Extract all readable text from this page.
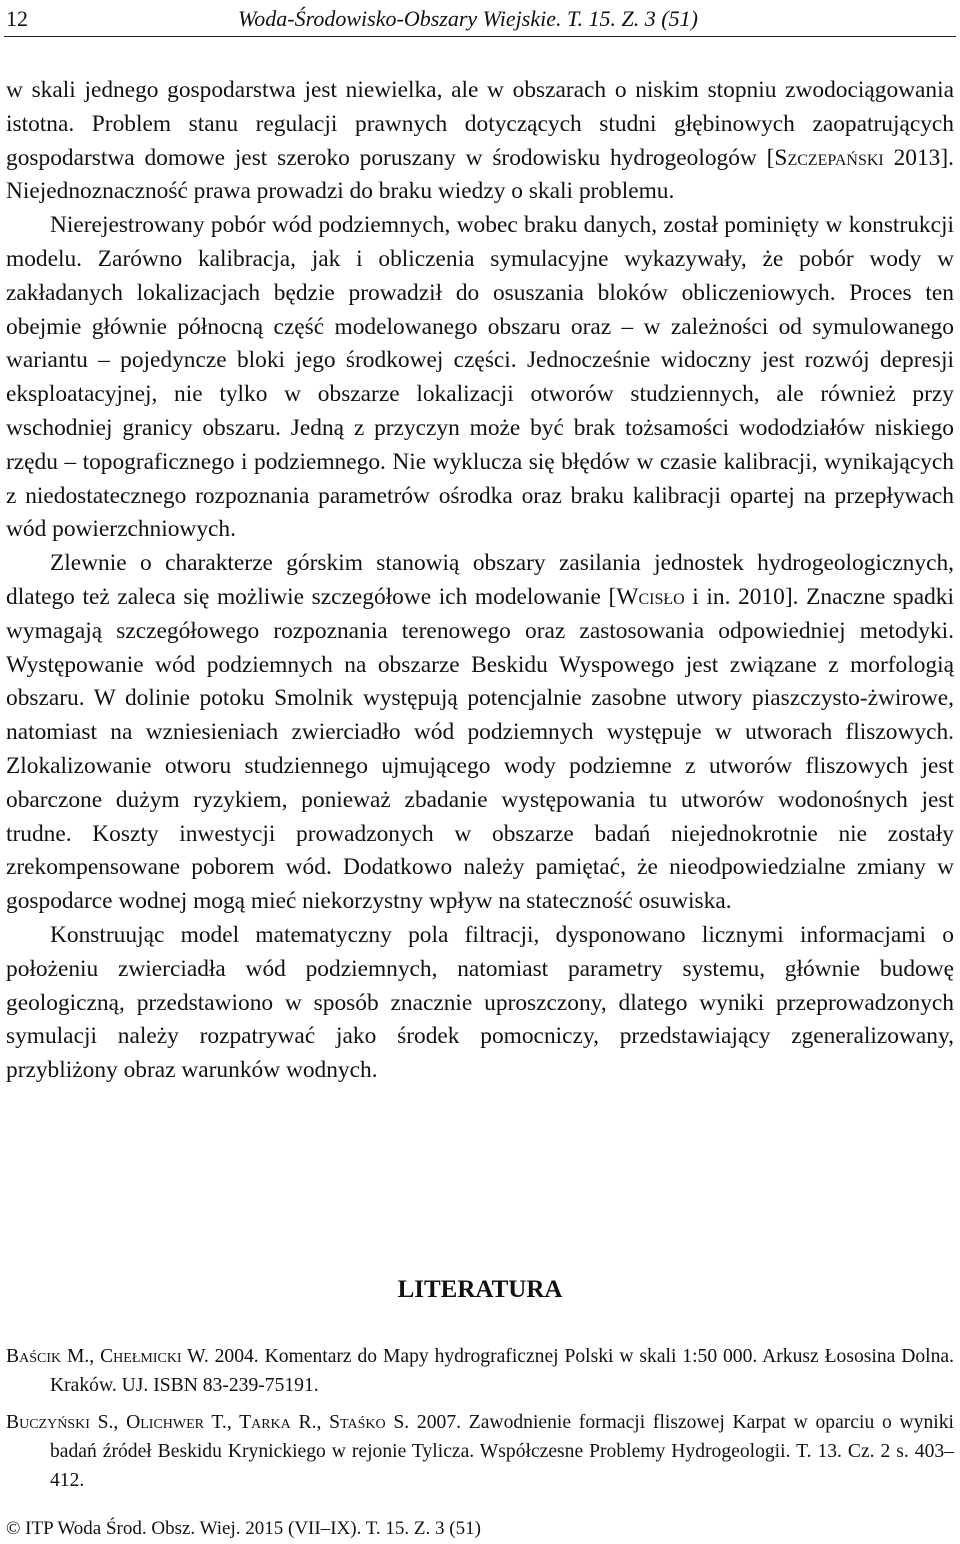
12	Woda-Środowisko-Obszary Wiejskie. T. 15. Z. 3 (51)

w skali jednego gospodarstwa jest niewielka, ale w obszarach o niskim stopniu zwodociągowania istotna. Problem stanu regulacji prawnych dotyczących studni głębinowych zaopatrujących gospodarstwa domowe jest szeroko poruszany w środowisku hydrogeologów [Szczepański 2013]. Niejednoznaczność prawa prowadzi do braku wiedzy o skali problemu.

Nierejestrowany pobór wód podziemnych, wobec braku danych, został pominięty w konstrukcji modelu. Zarówno kalibracja, jak i obliczenia symulacyjne wykazywały, że pobór wody w zakładanych lokalizacjach będzie prowadził do osuszania bloków obliczeniowych. Proces ten obejmie głównie północną część modelowanego obszaru oraz – w zależności od symulowanego wariantu – pojedyncze bloki jego środkowej części. Jednocześnie widoczny jest rozwój depresji eksploatacyjnej, nie tylko w obszarze lokalizacji otworów studziennych, ale również przy wschodniej granicy obszaru. Jedną z przyczyn może być brak tożsamości wododziałów niskiego rzędu – topograficznego i podziemnego. Nie wyklucza się błędów w czasie kalibracji, wynikających z niedostatecznego rozpoznania parametrów ośrodka oraz braku kalibracji opartej na przepływach wód powierzchniowych.

Zlewnie o charakterze górskim stanowią obszary zasilania jednostek hydrogeologicznych, dlatego też zaleca się możliwie szczegółowe ich modelowanie [Wcisło i in. 2010]. Znaczne spadki wymagają szczegółowego rozpoznania terenowego oraz zastosowania odpowiedniej metodyki. Występowanie wód podziemnych na obszarze Beskidu Wyspowego jest związane z morfologią obszaru. W dolinie potoku Smolnik występują potencjalnie zasobne utwory piaszczysto-żwirowe, natomiast na wzniesieniach zwierciadło wód podziemnych występuje w utworach fliszowych. Zlokalizowanie otworu studziennego ujmującego wody podziemne z utworów fliszowych jest obarczone dużym ryzykiem, ponieważ zbadanie występowania tu utworów wodonośnych jest trudne. Koszty inwestycji prowadzonych w obszarze badań niejednokrotnie nie zostały zrekompensowane poborem wód. Dodatkowo należy pamiętać, że nieodpowiedzialne zmiany w gospodarce wodnej mogą mieć niekorzystny wpływ na stateczność osuwiska.

Konstruując model matematyczny pola filtracji, dysponowano licznymi informacjami o położeniu zwierciadła wód podziemnych, natomiast parametry systemu, głównie budowę geologiczną, przedstawiono w sposób znacznie uproszczony, dlatego wyniki przeprowadzonych symulacji należy rozpatrywać jako środek pomocniczy, przedstawiający zgeneralizowany, przybliżony obraz warunków wodnych.

LITERATURA

Baścik M., Chełmicki W. 2004. Komentarz do Mapy hydrograficznej Polski w skali 1:50 000. Arkusz Łososina Dolna. Kraków. UJ. ISBN 83-239-75191.

Buczyński S., Olichwer T., Tarka R., Staśko S. 2007. Zawodnienie formacji fliszowej Karpat w oparciu o wyniki badań źródeł Beskidu Krynickiego w rejonie Tylicza. Współczesne Problemy Hydrogeologii. T. 13. Cz. 2 s. 403–412.

© ITP Woda Środ. Obsz. Wiej. 2015 (VII–IX). T. 15. Z. 3 (51)
